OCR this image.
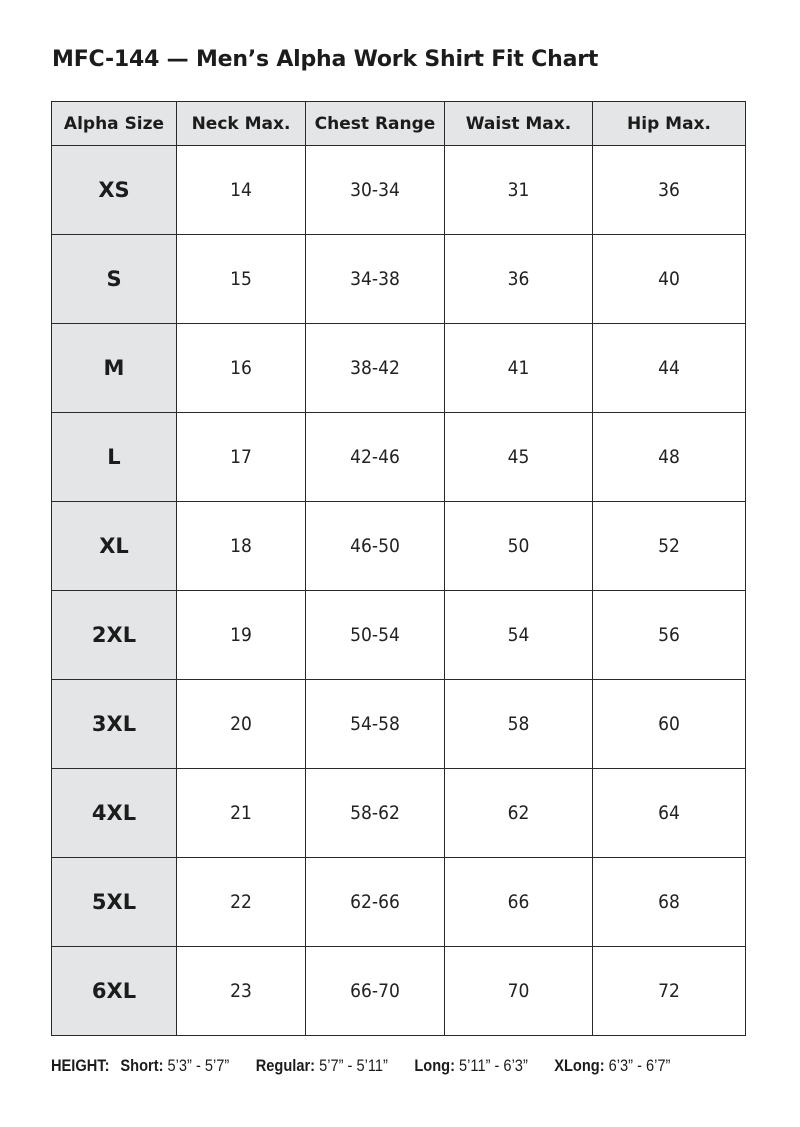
MFC-144 — Men’s Alpha Work Shirt Fit Chart
Alpha Size	Neck Max.	Chest Range	Waist Max.	Hip Max.
XS	14	30-34	31	36
S	15	34-38	36	40
M	16	38-42	41	44
L	17	42-46	45	48
XL	18	46-50	50	52
2XL	19	50-54	54	56
3XL	20	54-58	58	60
4XL	21	58-62	62	64
5XL	22	62-66	66	68
6XL	23	66-70	70	72
HEIGHT: Short: 5’3” - 5’7” Regular: 5’7” - 5’11” Long: 5’11” - 6’3” XLong: 6’3” - 6’7”
